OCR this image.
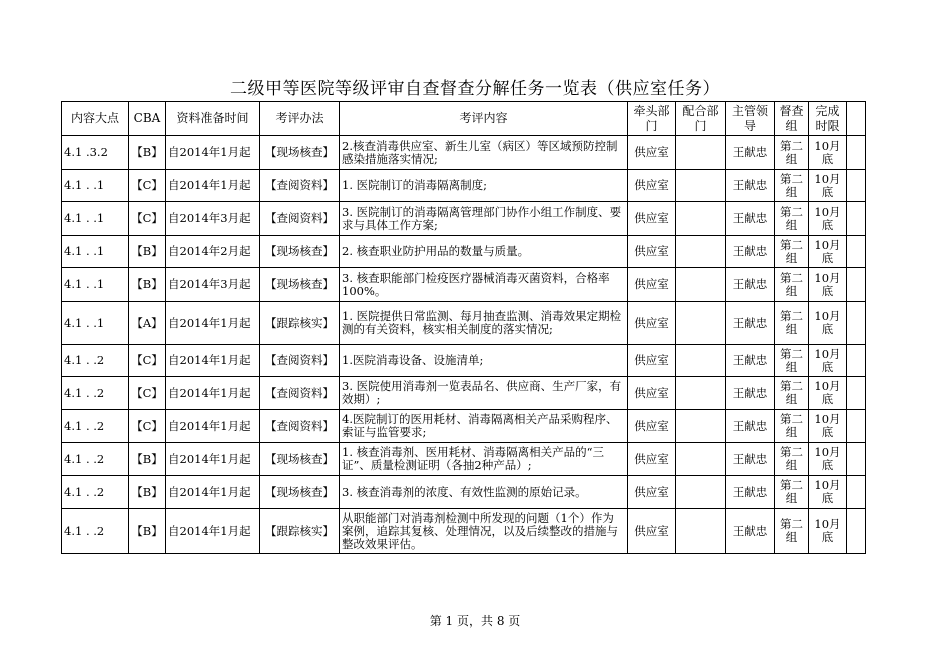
二级甲等医院等级评审自查督查分解任务一览表（供应室任务）
内容大点	CBA	资料准备时间	考评办法	考评内容	牵头部门	配合部门	主管领导	督查组	完成时限	
4.1 .3.2	【B】	自2014年1月起	【现场核查】	2.核查消毒供应室、新生儿室（病区）等区域预防控制感染措施落实情况;	供应室		王献忠	第二组	10月底	
4.1 . .1	【C】	自2014年1月起	【查阅资料】	1. 医院制订的消毒隔离制度;	供应室		王献忠	第二组	10月底	
4.1 . .1	【C】	自2014年3月起	【查阅资料】	3. 医院制订的消毒隔离管理部门协作小组工作制度、要求与具体工作方案;	供应室		王献忠	第二组	10月底	
4.1 . .1	【B】	自2014年2月起	【现场核查】	2. 核查职业防护用品的数量与质量。	供应室		王献忠	第二组	10月底	
4.1 . .1	【B】	自2014年3月起	【现场核查】	3. 核查职能部门检疫医疗器械消毒灭菌资料，合格率100%。	供应室		王献忠	第二组	10月底	
4.1 . .1	【A】	自2014年1月起	【跟踪核实】	1. 医院提供日常监测、每月抽查监测、消毒效果定期检测的有关资料，核实相关制度的落实情况;	供应室		王献忠	第二组	10月底	
4.1 . .2	【C】	自2014年1月起	【查阅资料】	1.医院消毒设备、设施清单;	供应室		王献忠	第二组	10月底	
4.1 . .2	【C】	自2014年1月起	【查阅资料】	3. 医院使用消毒剂一览表品名、供应商、生产厂家，有效期）;	供应室		王献忠	第二组	10月底	
4.1 . .2	【C】	自2014年1月起	【查阅资料】	4.医院制订的医用耗材、消毒隔离相关产品采购程序、索证与监管要求;	供应室		王献忠	第二组	10月底	
4.1 . .2	【B】	自2014年1月起	【现场核查】	1. 核查消毒剂、医用耗材、消毒隔离相关产品的“三证”、质量检测证明（各抽2种产品）;	供应室		王献忠	第二组	10月底	
4.1 . .2	【B】	自2014年1月起	【现场核查】	3. 核查消毒剂的浓度、有效性监测的原始记录。	供应室		王献忠	第二组	10月底	
4.1 . .2	【B】	自2014年1月起	【跟踪核实】	从职能部门对消毒剂检测中所发现的问题（1个）作为案例，追踪其复核、处理情况，以及后续整改的措施与整改效果评估。	供应室		王献忠	第二组	10月底	
第 1 页，共 8 页
